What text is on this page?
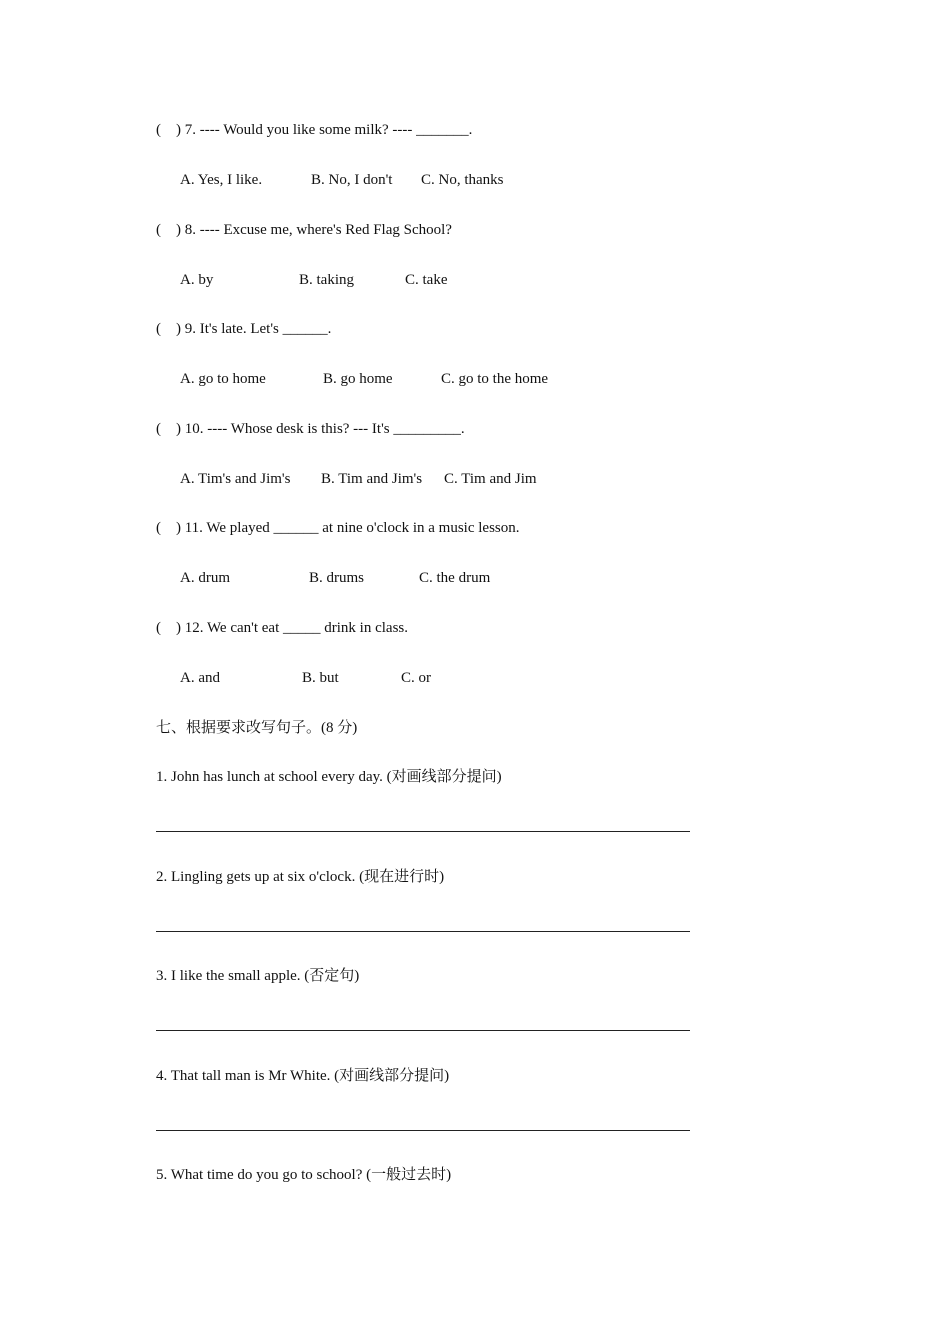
(    ) 7. ---- Would you like some milk? ---- _______.
A. Yes, I like.	B. No, I don't C. No, thanks
(    ) 8. ---- Excuse me, where's Red Flag School?
A. by	B. taking	C. take
(    ) 9. It's late. Let's ______.
A. go to home	B. go home	C. go to the home
(    ) 10. ---- Whose desk is this? --- It's _________.
A. Tim's and Jim's B. Tim and Jim's C. Tim and Jim
(    ) 11. We played ______ at nine o'clock in a music lesson.
A. drum	B. drums	C. the drum
(    ) 12. We can't eat _____ drink in class.
A. and	B. but	C. or
七、根据要求改写句子。(8 分)
1. John has lunch at school every day. (对画线部分提问)
2. Lingling gets up at six o'clock. (现在进行时)
3. I like the small apple. (否定句)
4. That tall man is Mr White. (对画线部分提问)
5. What time do you go to school? (一般过去时)
